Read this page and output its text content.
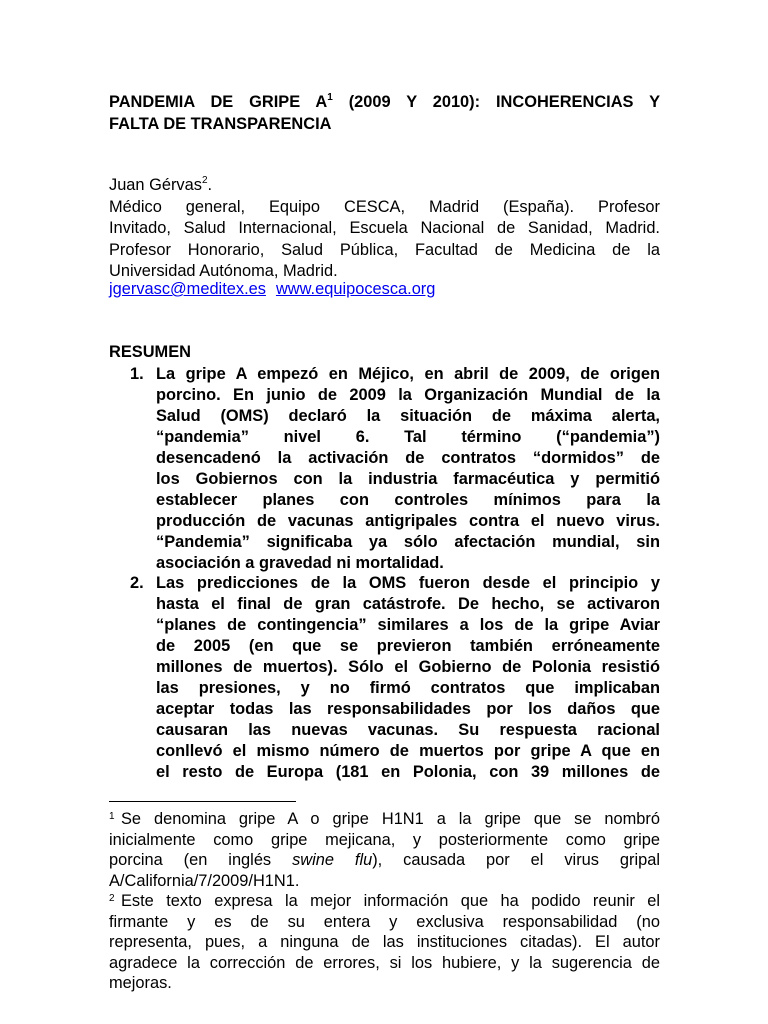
PANDEMIA DE GRIPE $A^1$ (2009 Y 2010): INCOHERENCIAS Y
FALTA DE TRANSPARENCIA
Juan Gérvas$^2$.
Médico general, Equipo CESCA, Madrid (España). Profesor
Invitado, Salud Internacional, Escuela Nacional de Sanidad, Madrid.
Profesor Honorario, Salud Pública, Facultad de Medicina de la
Universidad Autónoma, Madrid.
jgervasc@meditex.es www.equipocesca.org
RESUMEN
1. La gripe A empezó en Méjico, en abril de 2009, de origen
porcino. En junio de 2009 la Organización Mundial de la
Salud (OMS) declaró la situación de máxima alerta,
“pandemia” nivel 6. Tal término (“pandemia”)
desencadenó la activación de contratos “dormidos” de
los Gobiernos con la industria farmacéutica y permitió
establecer planes con controles mínimos para la
producción de vacunas antigripales contra el nuevo virus.
“Pandemia” significaba ya sólo afectación mundial, sin
asociación a gravedad ni mortalidad.
2. Las predicciones de la OMS fueron desde el principio y
hasta el final de gran catástrofe. De hecho, se activaron
“planes de contingencia” similares a los de la gripe Aviar
de 2005 (en que se previeron también erróneamente
millones de muertos). Sólo el Gobierno de Polonia resistió
las presiones, y no firmó contratos que implicaban
aceptar todas las responsabilidades por los daños que
causaran las nuevas vacunas. Su respuesta racional
conllevó el mismo número de muertos por gripe A que en
el resto de Europa (181 en Polonia, con 39 millones de
1 Se denomina gripe A o gripe H1N1 a la gripe que se nombró
inicialmente como gripe mejicana, y posteriormente como gripe
porcina (en inglés swine flu), causada por el virus gripal
A/California/7/2009/H1N1.
2 Este texto expresa la mejor información que ha podido reunir el
firmante y es de su entera y exclusiva responsabilidad (no
representa, pues, a ninguna de las instituciones citadas). El autor
agradece la corrección de errores, si los hubiere, y la sugerencia de
mejoras.
